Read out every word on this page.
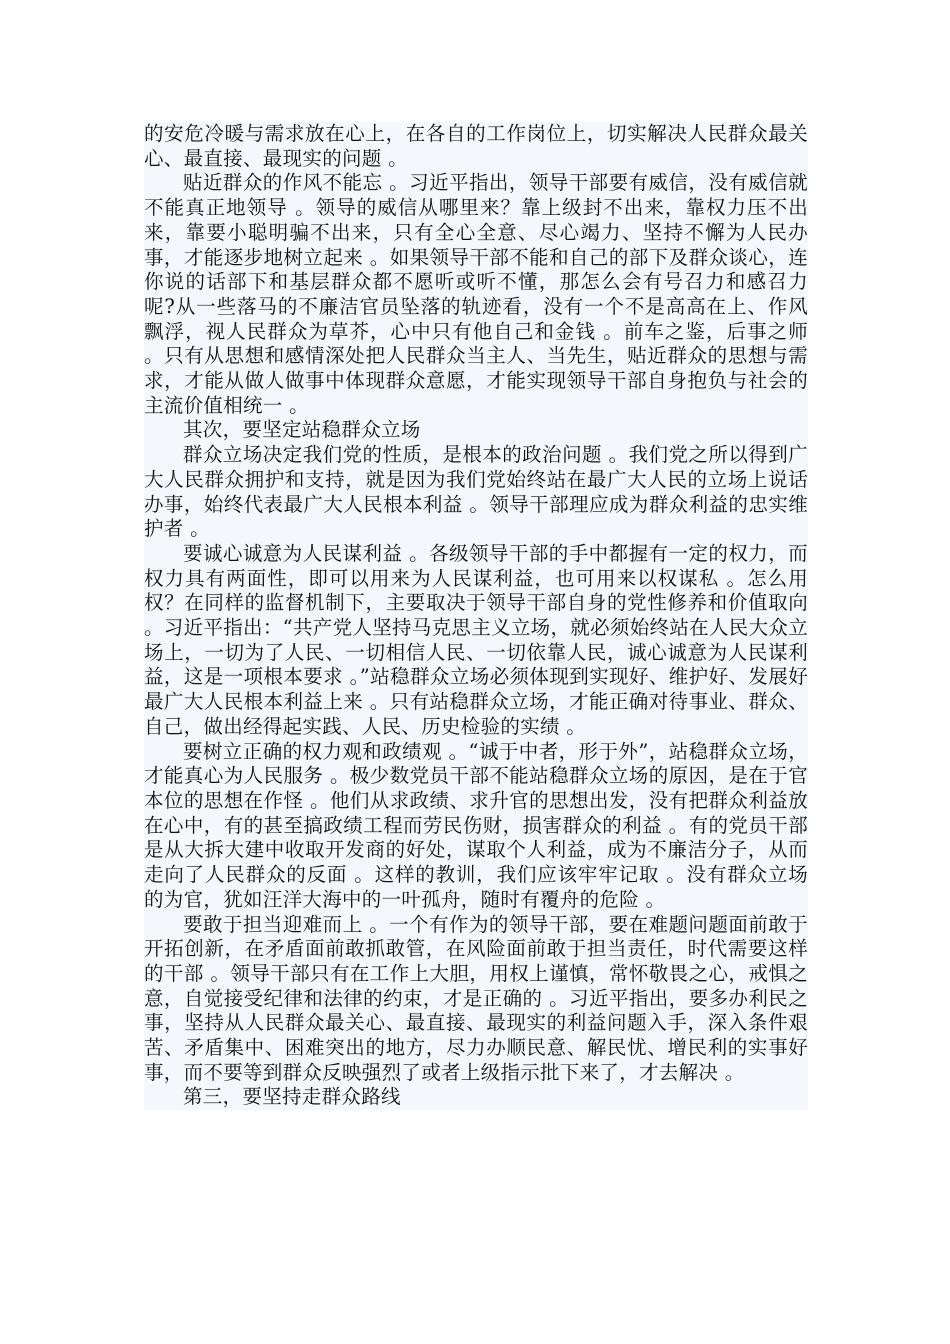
的安危冷暖与需求放在心上，在各自的工作岗位上，切实解决人民群众最关心、最直接、最现实的问题 。

贴近群众的作风不能忘 。习近平指出，领导干部要有威信，没有威信就不能真正地领导 。领导的威信从哪里来？靠上级封不出来，靠权力压不出来，靠要小聪明骗不出来，只有全心全意、尽心竭力、坚持不懈为人民办事，才能逐步地树立起来 。如果领导干部不能和自己的部下及群众谈心，连你说的话部下和基层群众都不愿听或听不懂，那怎么会有号召力和感召力呢?从一些落马的不廉洁官员坠落的轨迹看，没有一个不是高高在上、作风飘浮，视人民群众为草芥，心中只有他自己和金钱 。前车之鉴，后事之师 。只有从思想和感情深处把人民群众当主人、当先生，贴近群众的思想与需求，才能从做人做事中体现群众意愿，才能实现领导干部自身抱负与社会的主流价值相统一 。

其次，要坚定站稳群众立场

群众立场决定我们党的性质，是根本的政治问题 。我们党之所以得到广大人民群众拥护和支持，就是因为我们党始终站在最广大人民的立场上说话办事，始终代表最广大人民根本利益 。领导干部理应成为群众利益的忠实维护者 。

要诚心诚意为人民谋利益 。各级领导干部的手中都握有一定的权力，而权力具有两面性，即可以用来为人民谋利益，也可用来以权谋私 。怎么用权？在同样的监督机制下，主要取决于领导干部自身的党性修养和价值取向 。习近平指出：“共产党人坚持马克思主义立场，就必须始终站在人民大众立场上，一切为了人民、一切相信人民、一切依靠人民，诚心诚意为人民谋利益，这是一项根本要求 。”站稳群众立场必须体现到实现好、维护好、发展好最广大人民根本利益上来 。只有站稳群众立场，才能正确对待事业、群众、自己，做出经得起实践、人民、历史检验的实绩 。

要树立正确的权力观和政绩观 。“诚于中者，形于外”，站稳群众立场，才能真心为人民服务 。极少数党员干部不能站稳群众立场的原因，是在于官本位的思想在作怪 。他们从求政绩、求升官的思想出发，没有把群众利益放在心中，有的甚至搞政绩工程而劳民伤财，损害群众的利益 。有的党员干部是从大拆大建中收取开发商的好处，谋取个人利益，成为不廉洁分子，从而走向了人民群众的反面 。这样的教训，我们应该牢牢记取 。没有群众立场的为官，犹如汪洋大海中的一叶孤舟，随时有覆舟的危险 。

要敢于担当迎难而上 。一个有作为的领导干部，要在难题问题面前敢于开拓创新，在矛盾面前敢抓敢管，在风险面前敢于担当责任，时代需要这样的干部 。领导干部只有在工作上大胆，用权上谨慎，常怀敬畏之心，戒惧之意，自觉接受纪律和法律的约束，才是正确的 。习近平指出，要多办利民之事，坚持从人民群众最关心、最直接、最现实的利益问题入手，深入条件艰苦、矛盾集中、困难突出的地方，尽力办顺民意、解民忧、增民利的实事好事，而不要等到群众反映强烈了或者上级指示批下来了，才去解决 。

第三，要坚持走群众路线
